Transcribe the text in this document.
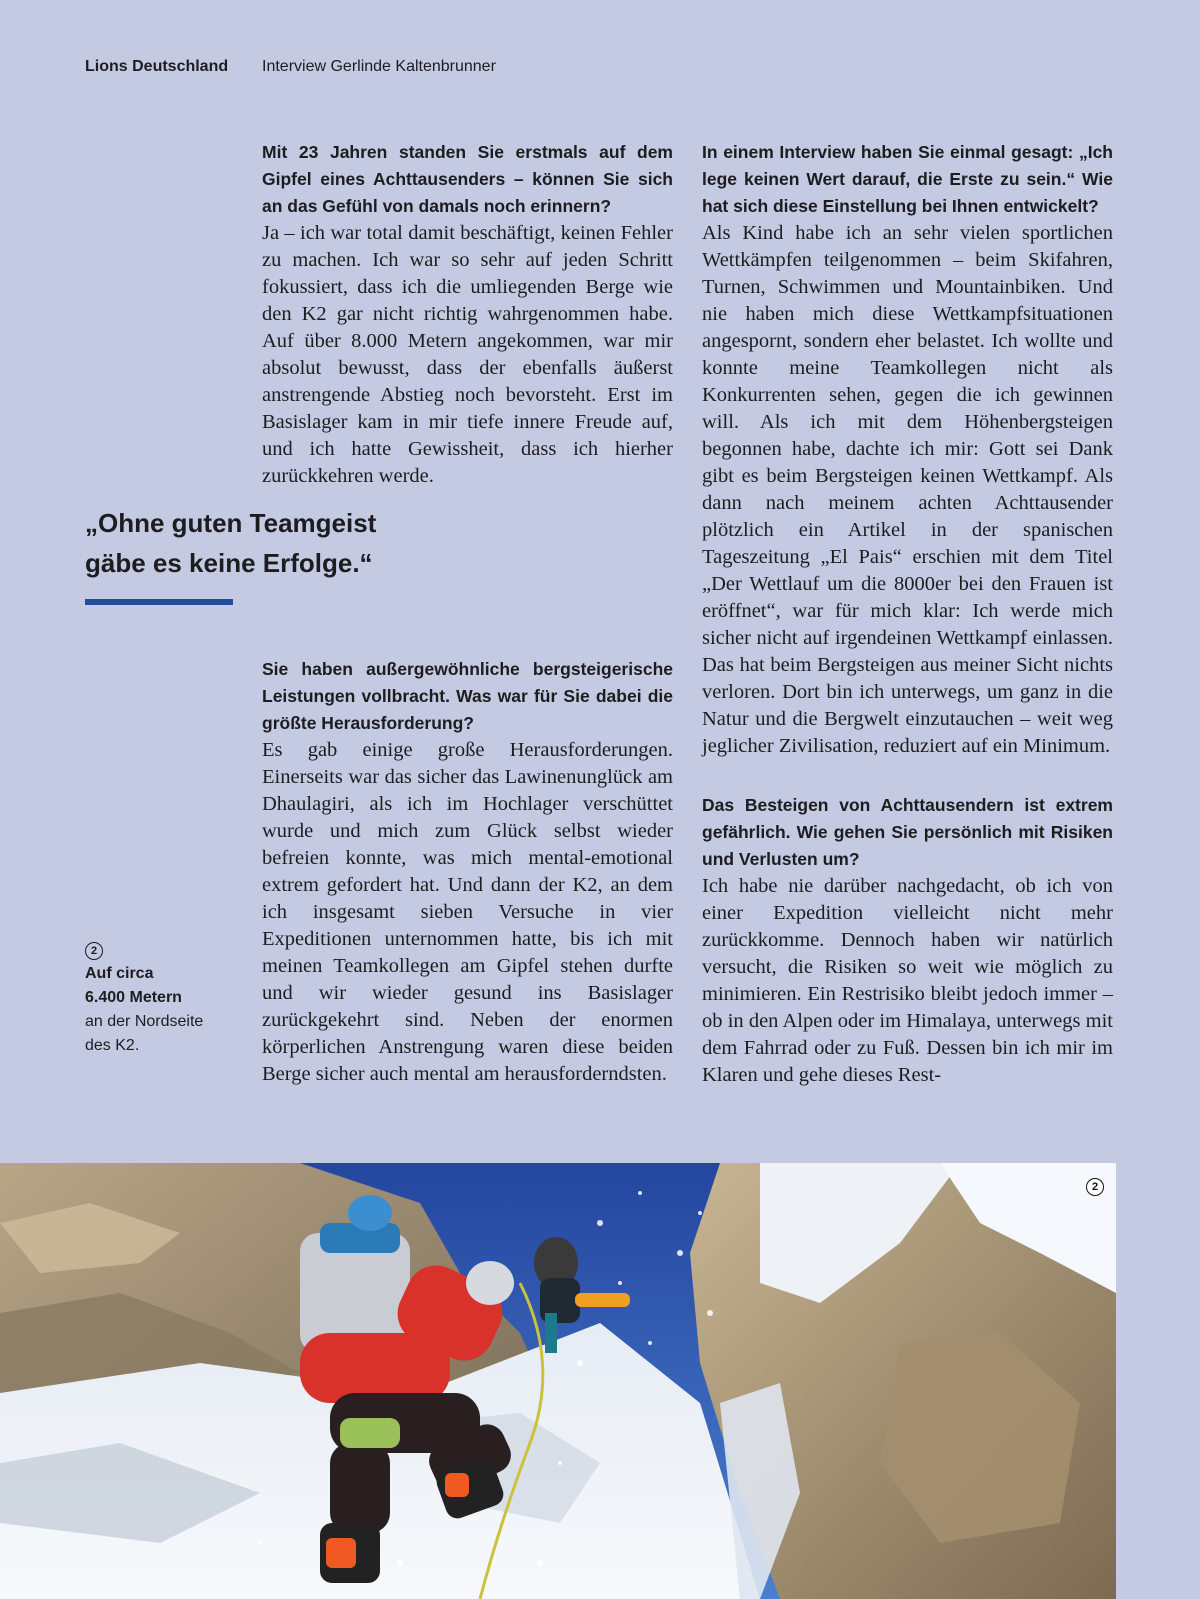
Lions Deutschland Interview Gerlinde Kaltenbrunner

Mit 23 Jahren standen Sie erstmals auf dem Gipfel eines Achttausenders – können Sie sich an das Gefühl von damals noch erinnern?

Ja – ich war total damit beschäftigt, keinen Fehler zu machen. Ich war so sehr auf jeden Schritt fokussiert, dass ich die umliegenden Berge wie den K2 gar nicht richtig wahrgenommen habe. Auf über 8.000 Metern angekommen, war mir absolut bewusst, dass der ebenfalls äußerst anstrengende Abstieg noch bevorsteht. Erst im Basislager kam in mir tiefe innere Freude auf, und ich hatte Gewissheit, dass ich hierher zurückkehren werde.

„Ohne guten Teamgeist
gäbe es keine Erfolge.“

Sie haben außergewöhnliche bergsteigerische Leistungen vollbracht. Was war für Sie dabei die größte Herausforderung?

Es gab einige große Herausforderungen. Einerseits war das sicher das Lawinenunglück am Dhaulagiri, als ich im Hochlager verschüttet wurde und mich zum Glück selbst wieder befreien konnte, was mich mental-emotional extrem gefordert hat. Und dann der K2, an dem ich insgesamt sieben Versuche in vier Expeditionen unternommen hatte, bis ich mit meinen Teamkollegen am Gipfel stehen durfte und wir wieder gesund ins Basislager zurückgekehrt sind. Neben der enormen körperlichen Anstrengung waren diese beiden Berge sicher auch mental am herausforderndsten.

In einem Interview haben Sie einmal gesagt: „Ich lege keinen Wert darauf, die Erste zu sein.“ Wie hat sich diese Einstellung bei Ihnen entwickelt?

Als Kind habe ich an sehr vielen sportlichen Wettkämpfen teilgenommen – beim Skifahren, Turnen, Schwimmen und Mountainbiken. Und nie haben mich diese Wettkampfsituationen angespornt, sondern eher belastet. Ich wollte und konnte meine Teamkollegen nicht als Konkurrenten sehen, gegen die ich gewinnen will. Als ich mit dem Höhenbergsteigen begonnen habe, dachte ich mir: Gott sei Dank gibt es beim Bergsteigen keinen Wettkampf. Als dann nach meinem achten Achttausender plötzlich ein Artikel in der spanischen Tageszeitung „El Pais“ erschien mit dem Titel „Der Wettlauf um die 8000er bei den Frauen ist eröffnet“, war für mich klar: Ich werde mich sicher nicht auf irgendeinen Wettkampf einlassen. Das hat beim Bergsteigen aus meiner Sicht nichts verloren. Dort bin ich unterwegs, um ganz in die Natur und die Bergwelt einzutauchen – weit weg jeglicher Zivilisation, reduziert auf ein Minimum.

Das Besteigen von Achttausendern ist extrem gefährlich. Wie gehen Sie persönlich mit Risiken und Verlusten um?

Ich habe nie darüber nachgedacht, ob ich von einer Expedition vielleicht nicht mehr zurückkomme. Dennoch haben wir natürlich versucht, die Risiken so weit wie möglich zu minimieren. Ein Restrisiko bleibt jedoch immer – ob in den Alpen oder im Himalaya, unterwegs mit dem Fahrrad oder zu Fuß. Dessen bin ich mir im Klaren und gehe dieses Rest-

2
Auf circa
6.400 Metern
an der Nordseite
des K2.
2
